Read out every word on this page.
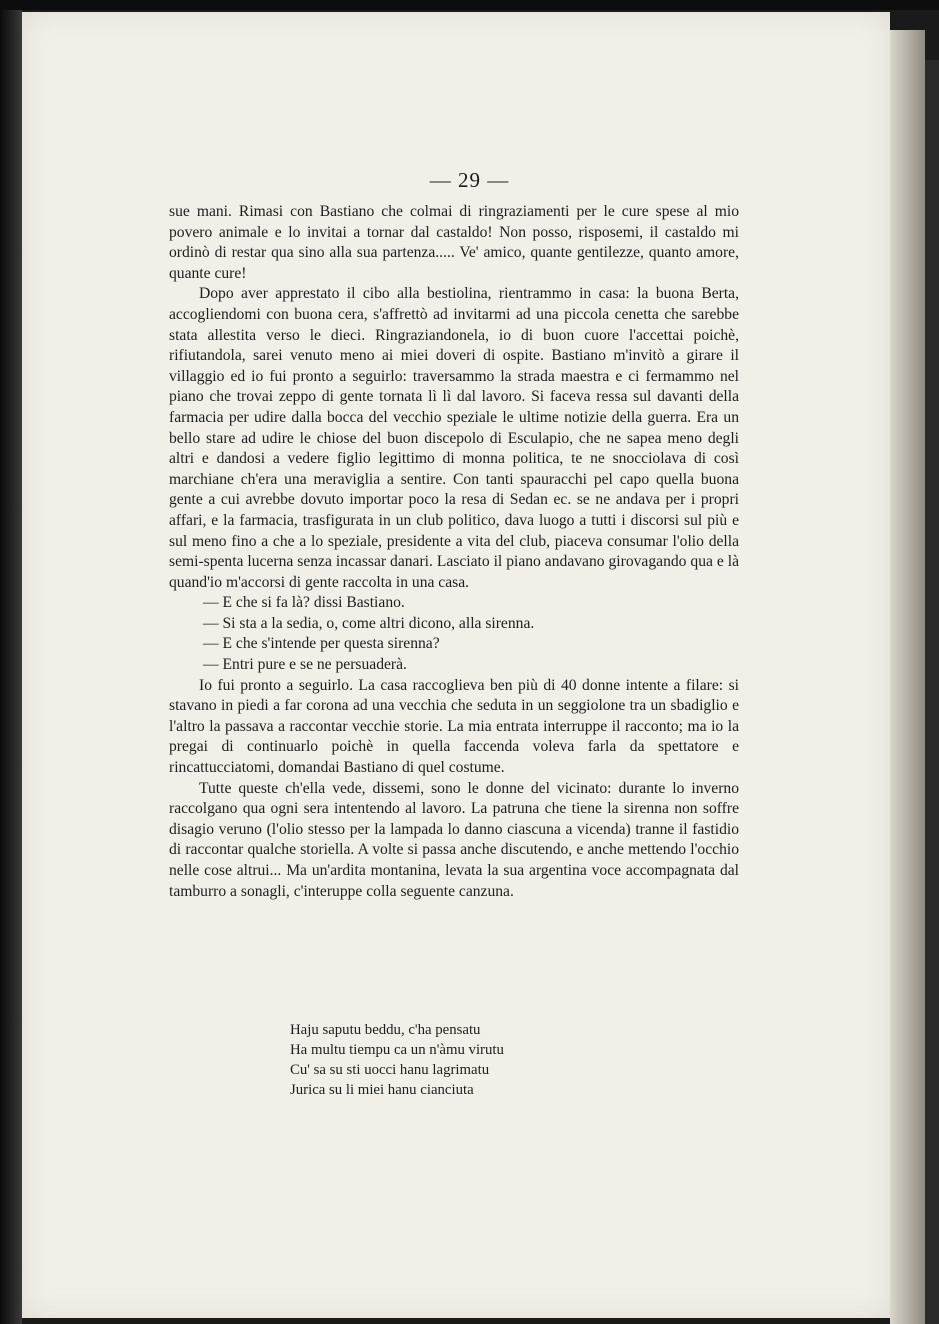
— 29 —

sue mani. Rimasi con Bastiano che colmai di ringraziamenti per le cure spese al mio povero animale e lo invitai a tornar dal castaldo! Non posso, risposemi, il castaldo mi ordinò di restar qua sino alla sua partenza..... Ve' amico, quante gentilezze, quanto amore, quante cure!

Dopo aver apprestato il cibo alla bestiolina, rientrammo in casa: la buona Berta, accogliendomi con buona cera, s'affrettò ad invitarmi ad una piccola cenetta che sarebbe stata allestita verso le dieci. Ringraziandonela, io di buon cuore l'accettai poichè, rifiutandola, sarei venuto meno ai miei doveri di ospite. Bastiano m'invitò a girare il villaggio ed io fui pronto a seguirlo: traversammo la strada maestra e ci fermammo nel piano che trovai zeppo di gente tornata lì lì dal lavoro. Si faceva ressa sul davanti della farmacia per udire dalla bocca del vecchio speziale le ultime notizie della guerra. Era un bello stare ad udire le chiose del buon discepolo di Esculapio, che ne sapea meno degli altri e dandosi a vedere figlio legittimo di monna politica, te ne snocciolava di così marchiane ch'era una meraviglia a sentire. Con tanti spauracchi pel capo quella buona gente a cui avrebbe dovuto importar poco la resa di Sedan ec. se ne andava per i propri affari, e la farmacia, trasfigurata in un club politico, dava luogo a tutti i discorsi sul più e sul meno fino a che a lo speziale, presidente a vita del club, piaceva consumar l'olio della semi-spenta lucerna senza incassar danari. Lasciato il piano andavano girovagando qua e là quand'io m'accorsi di gente raccolta in una casa.

— E che si fa là? dissi Bastiano.

— Si sta a la sedia, o, come altri dicono, alla sirenna.

— E che s'intende per questa sirenna?

— Entri pure e se ne persuaderà.

Io fui pronto a seguirlo. La casa raccoglieva ben più di 40 donne intente a filare: si stavano in piedi a far corona ad una vecchia che seduta in un seggiolone tra un sbadiglio e l'altro la passava a raccontar vecchie storie. La mia entrata interruppe il racconto; ma io la pregai di continuarlo poichè in quella faccenda voleva farla da spettatore e rincattucciatomi, domandai Bastiano di quel costume.

Tutte queste ch'ella vede, dissemi, sono le donne del vicinato: durante lo inverno raccolgano qua ogni sera intentendo al lavoro. La patruna che tiene la sirenna non soffre disagio veruno (l'olio stesso per la lampada lo danno ciascuna a vicenda) tranne il fastidio di raccontar qualche storiella. A volte si passa anche discutendo, e anche mettendo l'occhio nelle cose altrui... Ma un'ardita montanina, levata la sua argentina voce accompagnata dal tamburro a sonagli, c'interuppe colla seguente canzuna.

Haju saputu beddu, c'ha pensatu
Ha multu tiempu ca un n'àmu virutu
Cu' sa su sti uocci hanu lagrimatu
Jurica su li miei hanu cianciuta
